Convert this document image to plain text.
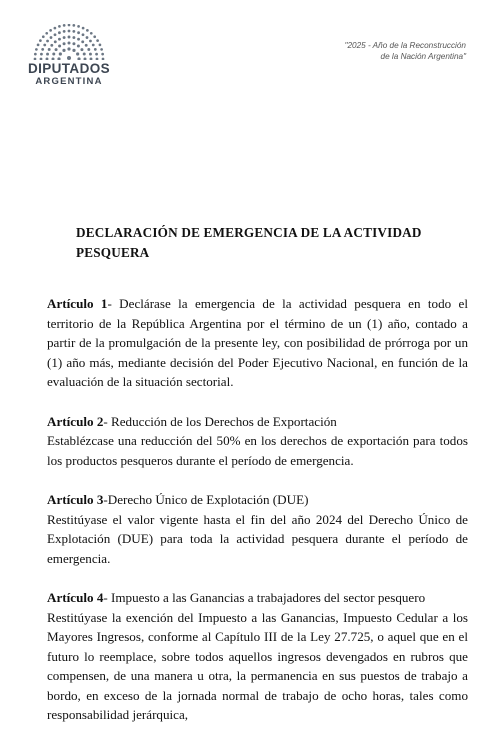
DIPUTADOS
ARGENTINA
"2025 - Año de la Reconstrucción
de la Nación Argentina"
DECLARACIÓN DE EMERGENCIA DE LA ACTIVIDAD
PESQUERA

Artículo 1- Declárase la emergencia de la actividad pesquera en todo el territorio de la República Argentina por el término de un (1) año, contado a partir de la promulgación de la presente ley, con posibilidad de prórroga por un (1) año más, mediante decisión del Poder Ejecutivo Nacional, en función de la evaluación de la situación sectorial.

Artículo 2- Reducción de los Derechos de Exportación
Establézcase una reducción del 50% en los derechos de exportación para todos los productos pesqueros durante el período de emergencia.

Artículo 3-Derecho Único de Explotación (DUE)
Restitúyase el valor vigente hasta el fin del año 2024 del Derecho Único de Explotación (DUE) para toda la actividad pesquera durante el período de emergencia.

Artículo 4- Impuesto a las Ganancias a trabajadores del sector pesquero
Restitúyase la exención del Impuesto a las Ganancias, Impuesto Cedular a los Mayores Ingresos, conforme al Capítulo III de la Ley 27.725, o aquel que en el futuro lo reemplace, sobre todos aquellos ingresos devengados en rubros que compensen, de una manera u otra, la permanencia en sus puestos de trabajo a bordo, en exceso de la jornada normal de trabajo de ocho horas, tales como responsabilidad jerárquica,
